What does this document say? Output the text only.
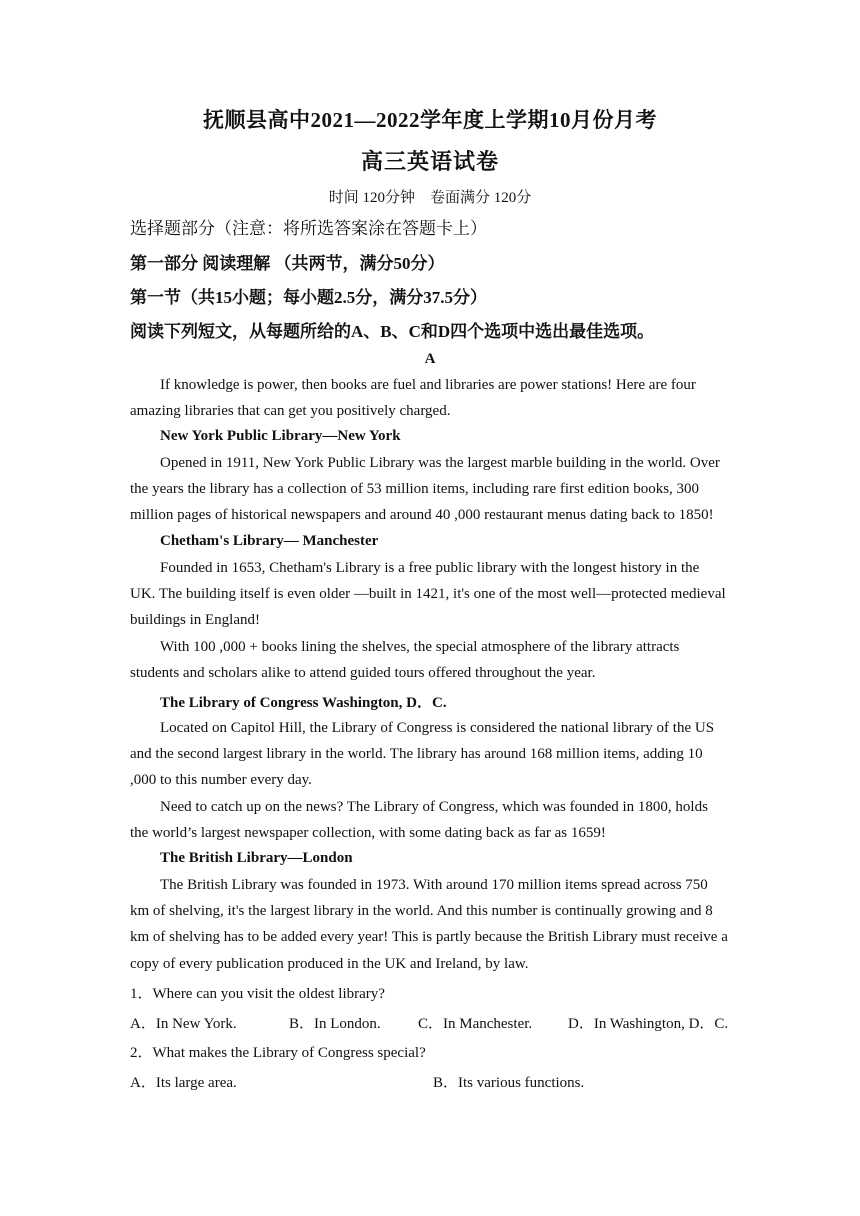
抚顺县高中2021—2022学年度上学期10月份月考
高三英语试卷
时间 120分钟　卷面满分 120分
选择题部分（注意：将所选答案涂在答题卡上）
第一部分 阅读理解 （共两节，满分50分）
第一节（共15小题；每小题2.5分，满分37.5分）
阅读下列短文，从每题所给的A、B、C和D四个选项中选出最佳选项。
A
If knowledge is power, then books are fuel and libraries are power stations! Here are four amazing libraries that can get you positively charged.
New York Public Library—New York
Opened in 1911, New York Public Library was the largest marble building in the world. Over the years the library has a collection of 53 million items, including rare first edition books, 300 million pages of historical newspapers and around 40 ,000 restaurant menus dating back to 1850!
Chetham's Library— Manchester
Founded in 1653, Chetham's Library is a free public library with the longest history in the UK. The building itself is even older —built in 1421, it's one of the most well—protected medieval buildings in England!
With 100 ,000 + books lining the shelves, the special atmosphere of the library attracts students and scholars alike to attend guided tours offered throughout the year.
The Library of Congress Washington, D．C.
Located on Capitol Hill, the Library of Congress is considered the national library of the US and the second largest library in the world. The library has around 168 million items, adding 10 ,000 to this number every day.
Need to catch up on the news? The Library of Congress, which was founded in 1800, holds the world’s largest newspaper collection, with some dating back as far as 1659!
The British Library—London
The British Library was founded in 1973. With around 170 million items spread across 750 km of shelving, it's the largest library in the world. And this number is continually growing and 8 km of shelving has to be added every year! This is partly because the British Library must receive a copy of every publication produced in the UK and Ireland, by law.
1．Where can you visit the oldest library?
A．In New York.	B．In London. C．In Manchester. D．In Washington, D．C.
2．What makes the Library of Congress special?
A．Its large area.	B．Its various functions.
